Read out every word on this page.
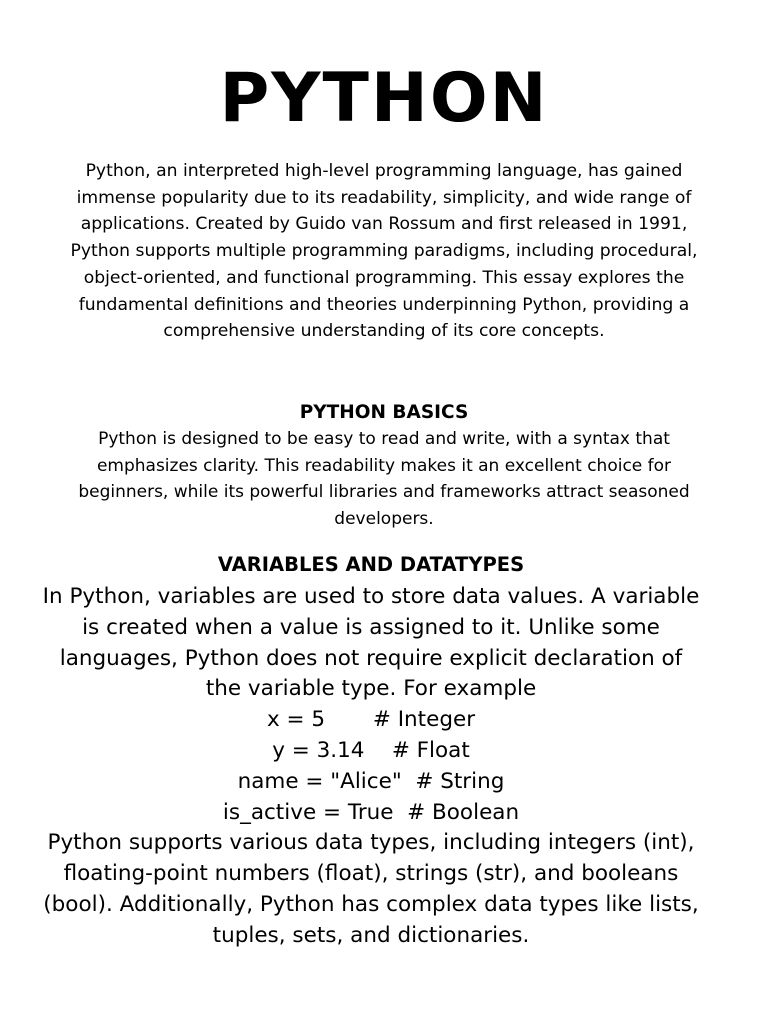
PYTHON

Python, an interpreted high-level programming language, has gained immense popularity due to its readability, simplicity, and wide range of applications. Created by Guido van Rossum and first released in 1991, Python supports multiple programming paradigms, including procedural, object-oriented, and functional programming. This essay explores the fundamental definitions and theories underpinning Python, providing a comprehensive understanding of its core concepts.

PYTHON BASICS

Python is designed to be easy to read and write, with a syntax that emphasizes clarity. This readability makes it an excellent choice for beginners, while its powerful libraries and frameworks attract seasoned developers.

VARIABLES AND DATATYPES
In Python, variables are used to store data values. A variable is created when a value is assigned to it. Unlike some languages, Python does not require explicit declaration of the variable type. For example
x = 5       # Integer
y = 3.14    # Float
name = "Alice"  # String
is_active = True  # Boolean
Python supports various data types, including integers (int), floating-point numbers (float), strings (str), and booleans (bool). Additionally, Python has complex data types like lists, tuples, sets, and dictionaries.
